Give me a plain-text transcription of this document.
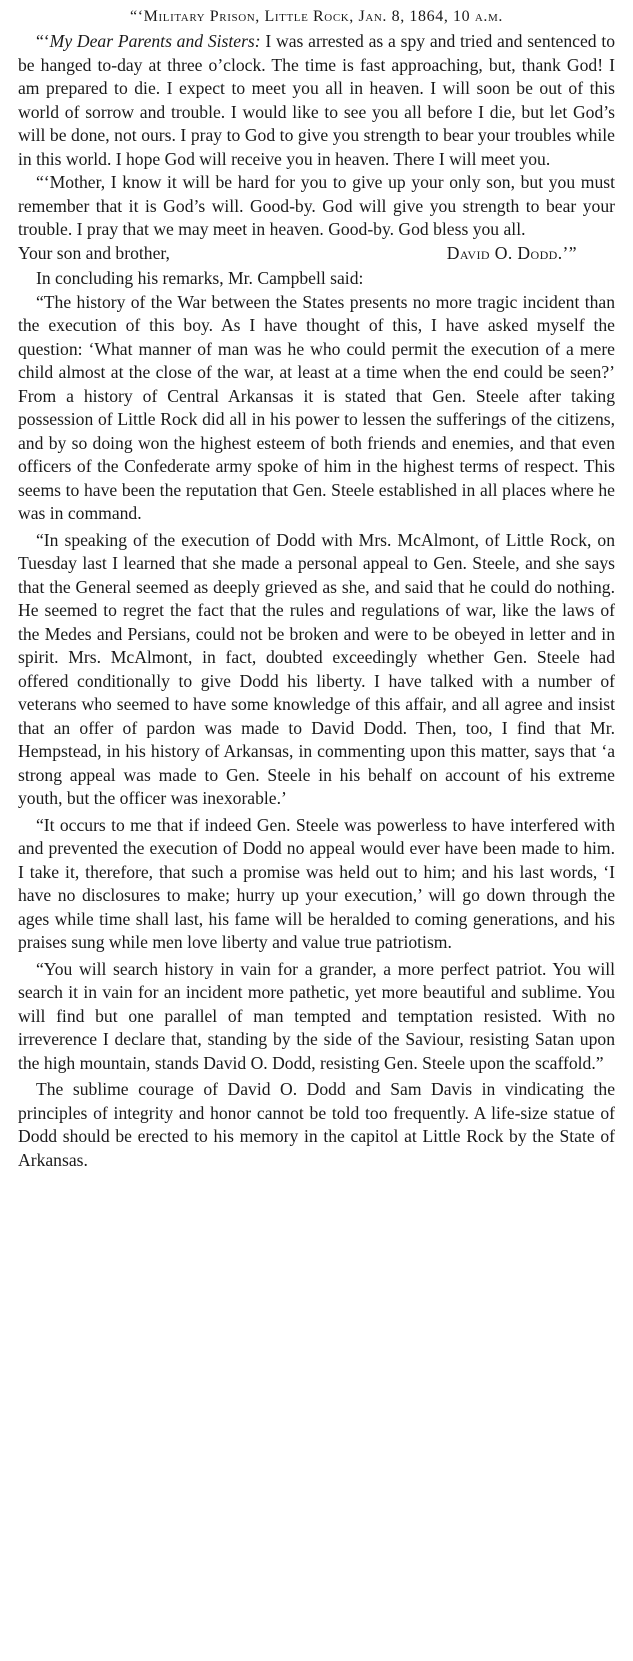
“‘Military Prison, Little Rock, Jan. 8, 1864, 10 a.m.

“‘My Dear Parents and Sisters: I was arrested as a spy and tried and sentenced to be hanged to-day at three o’clock. The time is fast approaching, but, thank God! I am prepared to die. I expect to meet you all in heaven. I will soon be out of this world of sorrow and trouble. I would like to see you all before I die, but let God’s will be done, not ours. I pray to God to give you strength to bear your troubles while in this world. I hope God will receive you in heaven. There I will meet you.

“‘Mother, I know it will be hard for you to give up your only son, but you must remember that it is God’s will. Good-by. God will give you strength to bear your trouble. I pray that we may meet in heaven. Good-by. God bless you all.

Your son and brother,	David O. Dodd.’”

In concluding his remarks, Mr. Campbell said:

“The history of the War between the States presents no more tragic incident than the execution of this boy. As I have thought of this, I have asked myself the question: ‘What manner of man was he who could permit the execution of a mere child almost at the close of the war, at least at a time when the end could be seen?’ From a history of Central Arkansas it is stated that Gen. Steele after taking possession of Little Rock did all in his power to lessen the sufferings of the citizens, and by so doing won the highest esteem of both friends and enemies, and that even officers of the Confederate army spoke of him in the highest terms of respect. This seems to have been the reputation that Gen. Steele established in all places where he was in command.

“In speaking of the execution of Dodd with Mrs. McAlmont, of Little Rock, on Tuesday last I learned that she made a personal appeal to Gen. Steele, and she says that the General seemed as deeply grieved as she, and said that he could do nothing. He seemed to regret the fact that the rules and regulations of war, like the laws of the Medes and Persians, could not be broken and were to be obeyed in letter and in spirit. Mrs. McAlmont, in fact, doubted exceedingly whether Gen. Steele had offered conditionally to give Dodd his liberty. I have talked with a number of veterans who seemed to have some knowledge of this affair, and all agree and insist that an offer of pardon was made to David Dodd. Then, too, I find that Mr. Hempstead, in his history of Arkansas, in commenting upon this matter, says that ‘a strong appeal was made to Gen. Steele in his behalf on account of his extreme youth, but the officer was inexorable.’

“It occurs to me that if indeed Gen. Steele was powerless to have interfered with and prevented the execution of Dodd no appeal would ever have been made to him. I take it, therefore, that such a promise was held out to him; and his last words, ‘I have no disclosures to make; hurry up your execution,’ will go down through the ages while time shall last, his fame will be heralded to coming generations, and his praises sung while men love liberty and value true patriotism.

“You will search history in vain for a grander, a more perfect patriot. You will search it in vain for an incident more pathetic, yet more beautiful and sublime. You will find but one parallel of man tempted and temptation resisted. With no irreverence I declare that, standing by the side of the Saviour, resisting Satan upon the high mountain, stands David O. Dodd, resisting Gen. Steele upon the scaffold.”

The sublime courage of David O. Dodd and Sam Davis in vindicating the principles of integrity and honor cannot be told too frequently. A life-size statue of Dodd should be erected to his memory in the capitol at Little Rock by the State of Arkansas.
